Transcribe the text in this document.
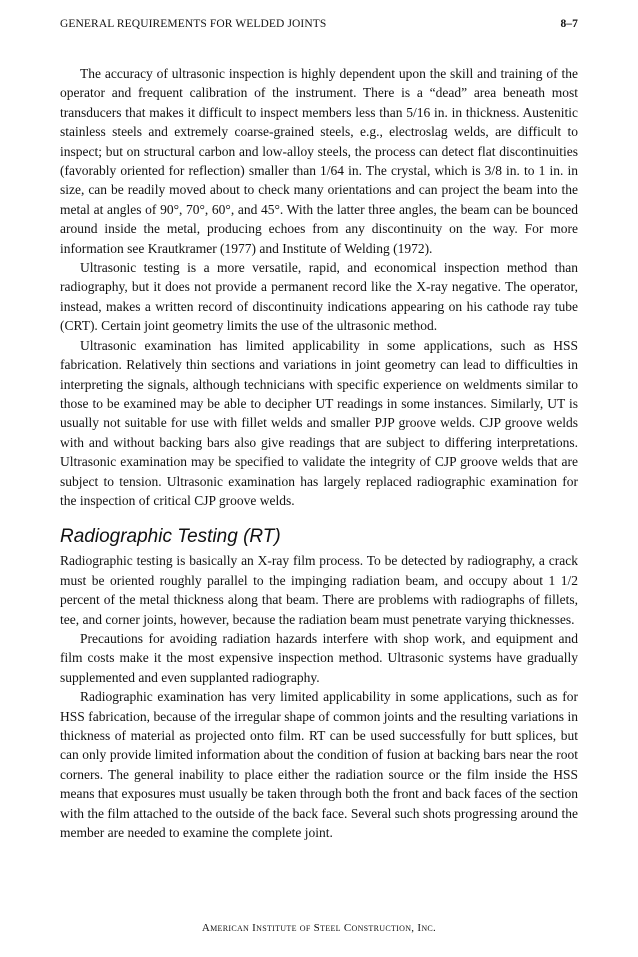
GENERAL REQUIREMENTS FOR WELDED JOINTS	8–7

The accuracy of ultrasonic inspection is highly dependent upon the skill and training of the operator and frequent calibration of the instrument. There is a “dead” area beneath most transducers that makes it difficult to inspect members less than 5/16 in. in thickness. Austenitic stainless steels and extremely coarse-grained steels, e.g., electroslag welds, are difficult to inspect; but on structural carbon and low-alloy steels, the process can detect flat discontinuities (favorably oriented for reflection) smaller than 1/64 in. The crystal, which is 3/8 in. to 1 in. in size, can be readily moved about to check many orientations and can project the beam into the metal at angles of 90°, 70°, 60°, and 45°. With the latter three angles, the beam can be bounced around inside the metal, producing echoes from any discontinuity on the way. For more information see Krautkramer (1977) and Institute of Welding (1972).

Ultrasonic testing is a more versatile, rapid, and economical inspection method than radiography, but it does not provide a permanent record like the X-ray negative. The operator, instead, makes a written record of discontinuity indications appearing on his cathode ray tube (CRT). Certain joint geometry limits the use of the ultrasonic method.

Ultrasonic examination has limited applicability in some applications, such as HSS fabrication. Relatively thin sections and variations in joint geometry can lead to difficulties in interpreting the signals, although technicians with specific experience on weldments similar to those to be examined may be able to decipher UT readings in some instances. Similarly, UT is usually not suitable for use with fillet welds and smaller PJP groove welds. CJP groove welds with and without backing bars also give readings that are subject to differing interpretations. Ultrasonic examination may be specified to validate the integrity of CJP groove welds that are subject to tension. Ultrasonic examination has largely replaced radiographic examination for the inspection of critical CJP groove welds.

Radiographic Testing (RT)

Radiographic testing is basically an X-ray film process. To be detected by radiography, a crack must be oriented roughly parallel to the impinging radiation beam, and occupy about 1 1/2 percent of the metal thickness along that beam. There are problems with radiographs of fillets, tee, and corner joints, however, because the radiation beam must penetrate varying thicknesses.

Precautions for avoiding radiation hazards interfere with shop work, and equipment and film costs make it the most expensive inspection method. Ultrasonic systems have gradually supplemented and even supplanted radiography.

Radiographic examination has very limited applicability in some applications, such as for HSS fabrication, because of the irregular shape of common joints and the resulting variations in thickness of material as projected onto film. RT can be used successfully for butt splices, but can only provide limited information about the condition of fusion at backing bars near the root corners. The general inability to place either the radiation source or the film inside the HSS means that exposures must usually be taken through both the front and back faces of the section with the film attached to the outside of the back face. Several such shots progressing around the member are needed to examine the complete joint.

American Institute of Steel Construction, Inc.
